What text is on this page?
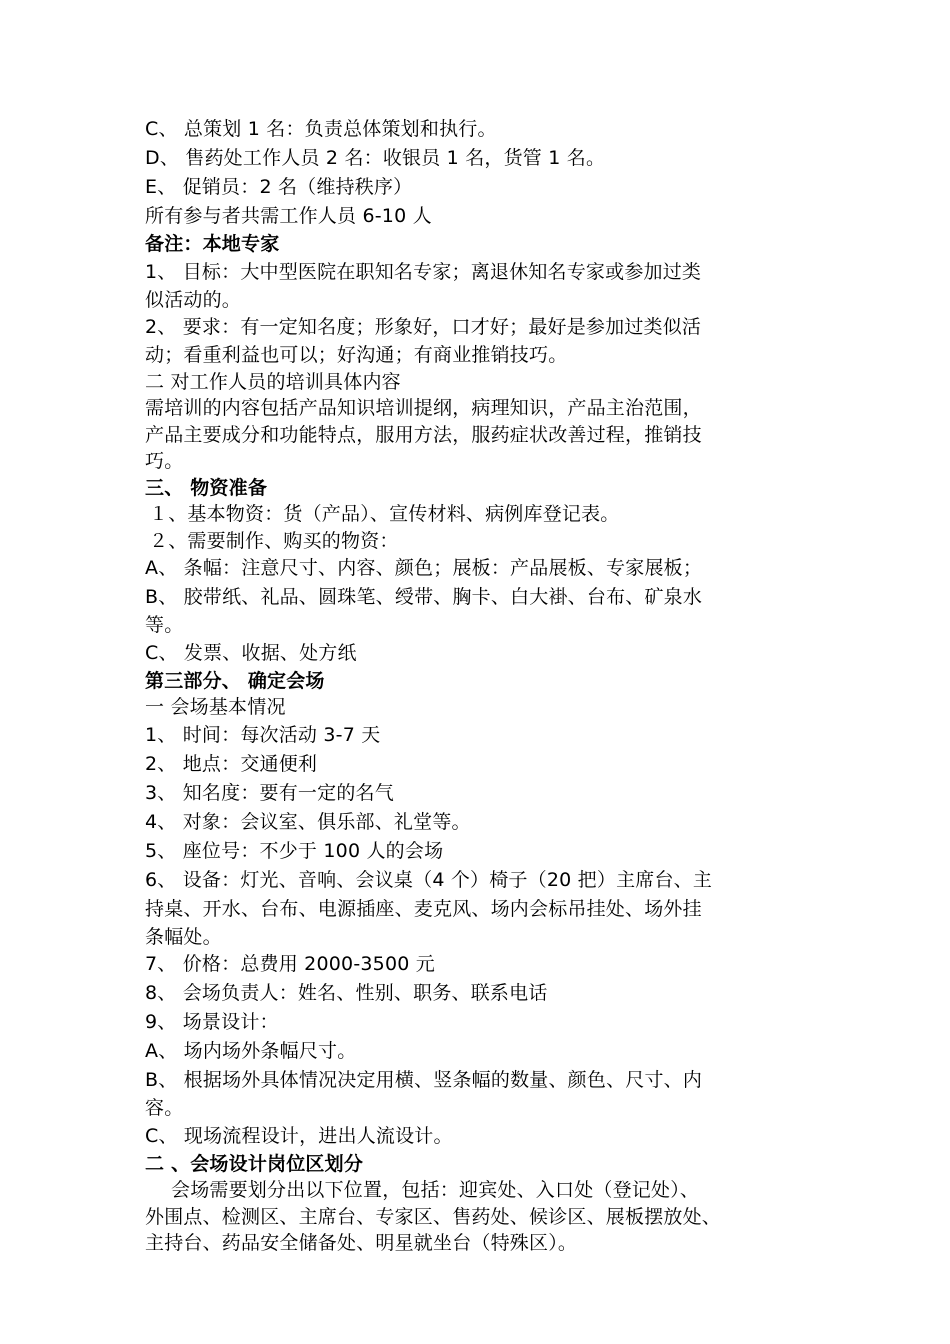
C、 总策划 1 名：负责总体策划和执行。
D、 售药处工作人员 2 名：收银员 1 名，货管 1 名。
E、 促销员：2 名（维持秩序）
所有参与者共需工作人员 6-10 人
备注：本地专家
1、 目标：大中型医院在职知名专家；离退休知名专家或参加过类
似活动的。
2、 要求：有一定知名度；形象好，口才好；最好是参加过类似活
动；看重利益也可以；好沟通；有商业推销技巧。
二 对工作人员的培训具体内容
需培训的内容包括产品知识培训提纲，病理知识，产品主治范围，
产品主要成分和功能特点，服用方法，服药症状改善过程，推销技
巧。
三、 物资准备
１、基本物资：货（产品）、宣传材料、病例库登记表。
２、需要制作、购买的物资：
A、 条幅：注意尺寸、内容、颜色；展板：产品展板、专家展板；
B、 胶带纸、礼品、圆珠笔、绶带、胸卡、白大褂、台布、矿泉水
等。
C、 发票、收据、处方纸
第三部分、 确定会场
一 会场基本情况
1、 时间：每次活动 3-7 天
2、 地点：交通便利
3、 知名度：要有一定的名气
4、 对象：会议室、俱乐部、礼堂等。
5、 座位号：不少于 100 人的会场
6、 设备：灯光、音响、会议桌（4 个）椅子（20 把）主席台、主
持桌、开水、台布、电源插座、麦克风、场内会标吊挂处、场外挂
条幅处。
7、 价格：总费用 2000-3500 元
8、 会场负责人：姓名、性别、职务、联系电话
9、 场景设计：
A、 场内场外条幅尺寸。
B、 根据场外具体情况决定用横、竖条幅的数量、颜色、尺寸、内
容。
C、 现场流程设计，进出人流设计。
二 、会场设计岗位区划分
会场需要划分出以下位置，包括：迎宾处、入口处（登记处）、
外围点、检测区、主席台、专家区、售药处、候诊区、展板摆放处、
主持台、药品安全储备处、明星就坐台（特殊区）。
